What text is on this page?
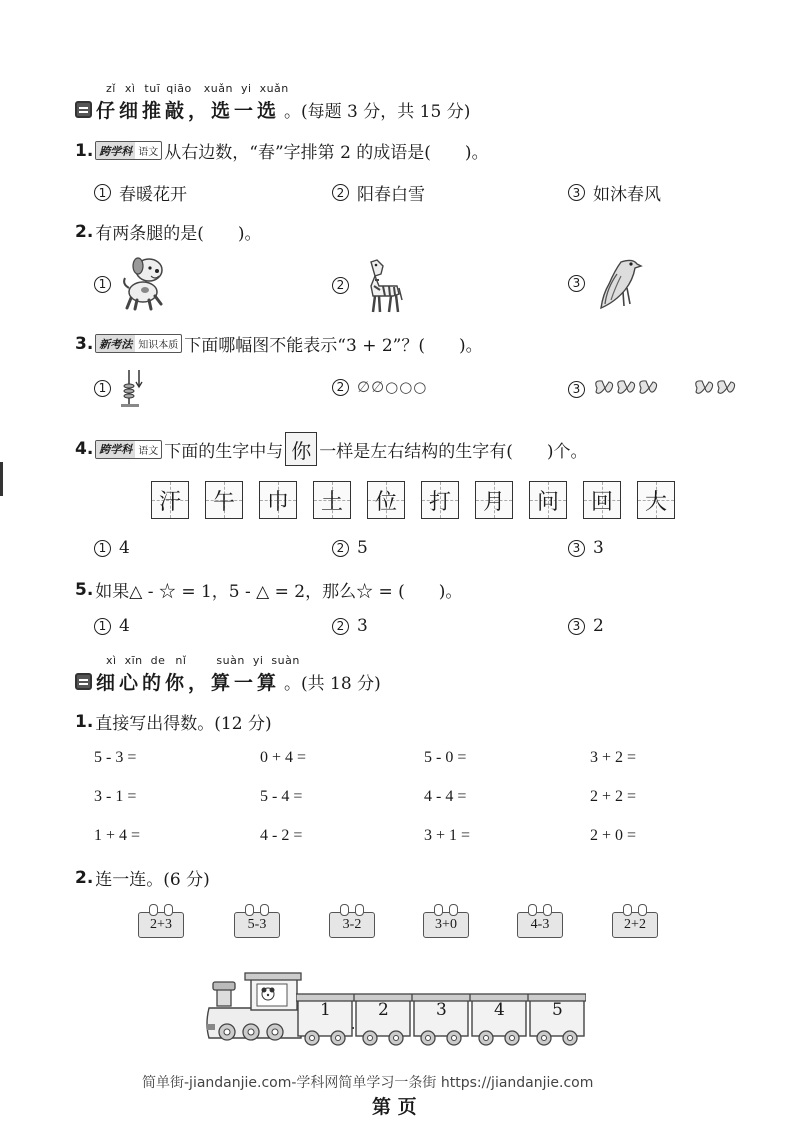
zǐ xì tuī qiāo xuǎn yi xuǎn
仔细推敲，选一选 。(每题 3 分，共 15 分)
1. 跨学科 语文 从右边数，“春”字排第 2 的成语是(　　)。
1 春暖花开	2 阳春白雪	3 如沐春风
2. 有两条腿的是(　　)。
1	2	3
3. 新考法 知识本质 下面哪幅图不能表示“3 + 2”？(　　)。
1	2 ∅∅○○○	3
4. 跨学科 语文 下面的生字中与 你 一样是左右结构的生字有(　　)个。
汗 午 巾 土 位 打 月 问 回 大
1 4	2 5	3 3
5. 如果△ - ☆ = 1，5 - △ = 2，那么☆ = (　　)。
1 4	2 3	3 2
xì xīn de nǐ	suàn yi suàn
细心的你，算一算 。(共 18 分)
1. 直接写出得数。(12 分)
5 - 3 =	0 + 4 =	5 - 0 =	3 + 2 =
3 - 1 =	5 - 4 =	4 - 4 =	2 + 2 =
1 + 4 =	4 - 2 =	3 + 1 =	2 + 0 =
2. 连一连。(6 分)
2+3	5-3	3-2	3+0	4-3	2+2
1	2	3	4	5
简单街-jiandanjie.com-学科网简单学习一条街 https://jiandanjie.com
第 页
